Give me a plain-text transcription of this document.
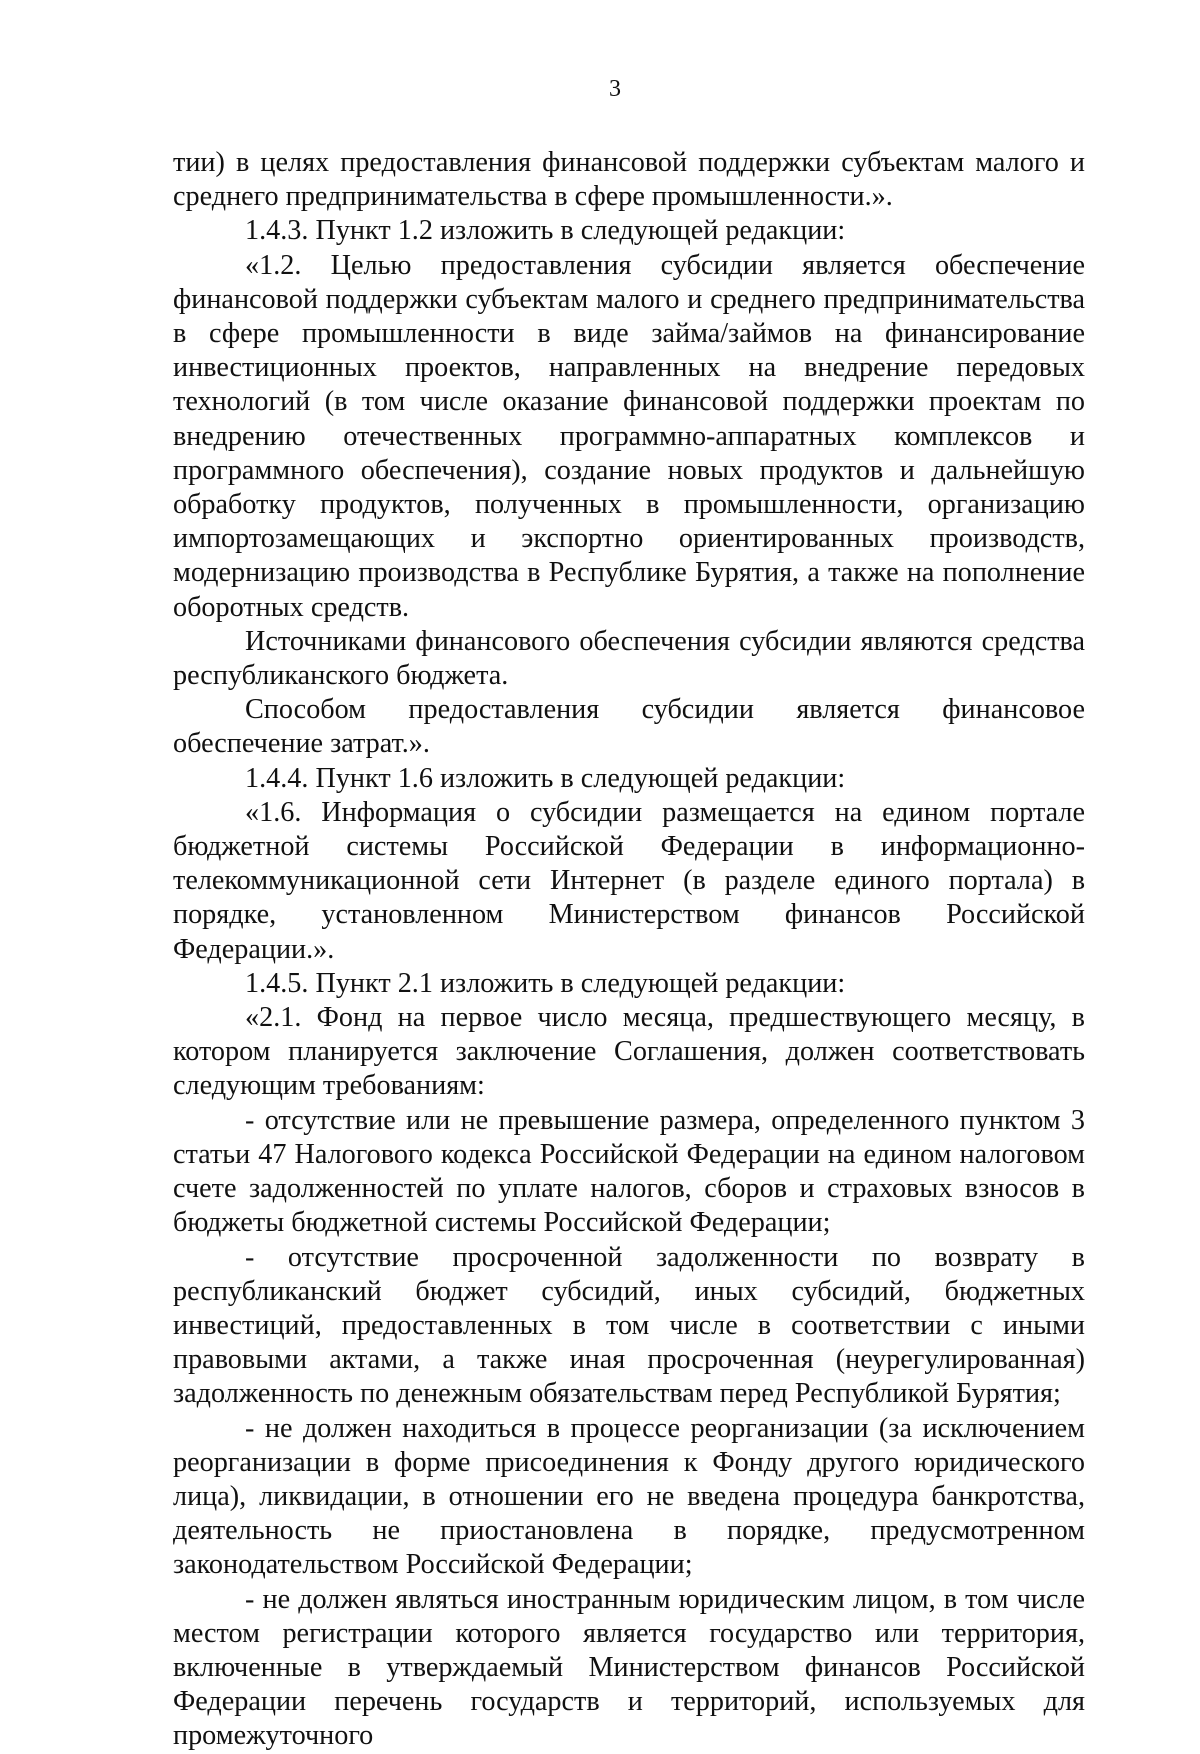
3

тии) в целях предоставления финансовой поддержки субъектам малого и среднего предпринимательства в сфере промышленности.».

1.4.3. Пункт 1.2 изложить в следующей редакции:

«1.2. Целью предоставления субсидии является обеспечение финансовой поддержки субъектам малого и среднего предпринимательства в сфере промышленности в виде займа/займов на финансирование инвестиционных проектов, направленных на внедрение передовых технологий (в том числе оказание финансовой поддержки проектам по внедрению отечественных программно-аппаратных комплексов и программного обеспечения), создание новых продуктов и дальнейшую обработку продуктов, полученных в промышленности, организацию импортозамещающих и экспортно ориентированных производств, модернизацию производства в Республике Бурятия, а также на пополнение оборотных средств.

Источниками финансового обеспечения субсидии являются средства республиканского бюджета.

Способом предоставления субсидии является финансовое обеспечение затрат.».

1.4.4. Пункт 1.6 изложить в следующей редакции:

«1.6. Информация о субсидии размещается на едином портале бюджетной системы Российской Федерации в информационно-телекоммуникационной сети Интернет (в разделе единого портала) в порядке, установленном Министерством финансов Российской Федерации.».

1.4.5. Пункт 2.1 изложить в следующей редакции:

«2.1. Фонд на первое число месяца, предшествующего месяцу, в котором планируется заключение Соглашения, должен соответствовать следующим требованиям:

- отсутствие или не превышение размера, определенного пунктом 3 статьи 47 Налогового кодекса Российской Федерации на едином налоговом счете задолженностей по уплате налогов, сборов и страховых взносов в бюджеты бюджетной системы Российской Федерации;

- отсутствие просроченной задолженности по возврату в республиканский бюджет субсидий, иных субсидий, бюджетных инвестиций, предоставленных в том числе в соответствии с иными правовыми актами, а также иная просроченная (неурегулированная) задолженность по денежным обязательствам перед Республикой Бурятия;

- не должен находиться в процессе реорганизации (за исключением реорганизации в форме присоединения к Фонду другого юридического лица), ликвидации, в отношении его не введена процедура банкротства, деятельность не приостановлена в порядке, предусмотренном законодательством Российской Федерации;

- не должен являться иностранным юридическим лицом, в том числе местом регистрации которого является государство или территория, включенные в утверждаемый Министерством финансов Российской Федерации перечень государств и территорий, используемых для промежуточного
